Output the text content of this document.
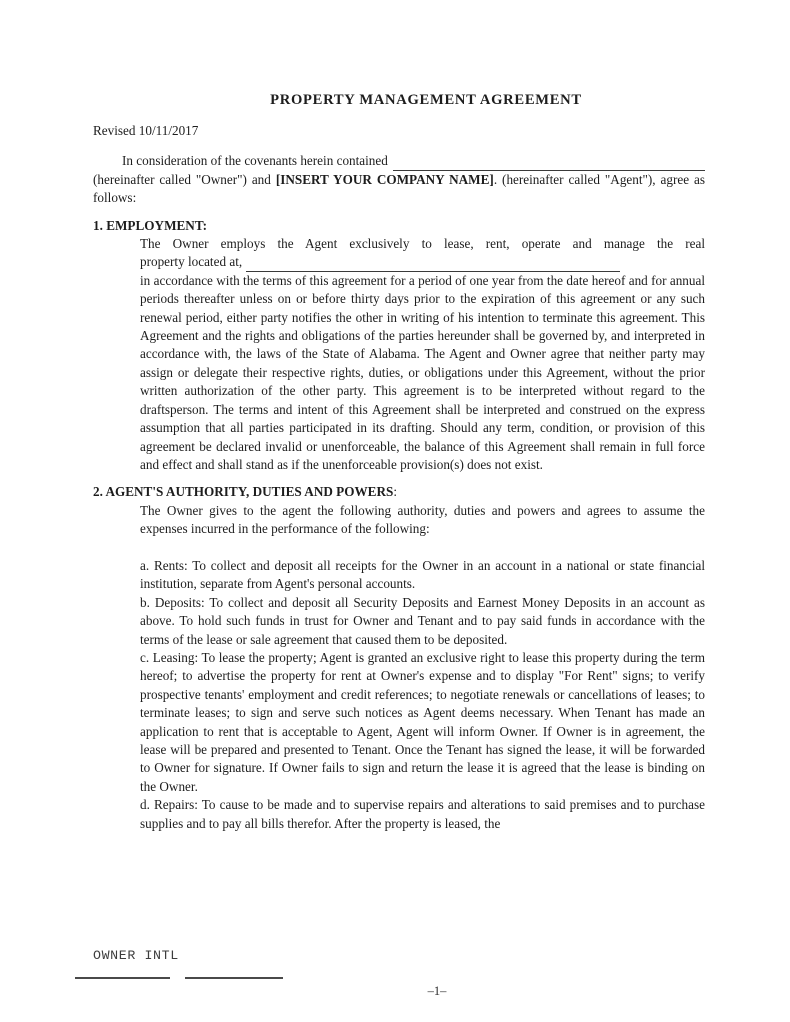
PROPERTY MANAGEMENT AGREEMENT
Revised 10/11/2017
In consideration of the covenants herein contained
(hereinafter called "Owner") and [INSERT YOUR COMPANY NAME]. (hereinafter called "Agent"), agree as follows:
1. EMPLOYMENT:
The Owner employs the Agent exclusively to lease, rent, operate and manage the real
property located at,

in accordance with the terms of this agreement for a period of one year from the date hereof and for annual periods thereafter unless on or before thirty days prior to the expiration of this agreement or any such renewal period, either party notifies the other in writing of his intention to terminate this agreement. This Agreement and the rights and obligations of the parties hereunder shall be governed by, and interpreted in accordance with, the laws of the State of Alabama. The Agent and Owner agree that neither party may assign or delegate their respective rights, duties, or obligations under this Agreement, without the prior written authorization of the other party. This agreement is to be interpreted without regard to the draftsperson. The terms and intent of this Agreement shall be interpreted and construed on the express assumption that all parties participated in its drafting. Should any term, condition, or provision of this agreement be declared invalid or unenforceable, the balance of this Agreement shall remain in full force and effect and shall stand as if the unenforceable provision(s) does not exist.

2. AGENT'S AUTHORITY, DUTIES AND POWERS:

The Owner gives to the agent the following authority, duties and powers and agrees to assume the expenses incurred in the performance of the following:

a. Rents: To collect and deposit all receipts for the Owner in an account in a national or state financial institution, separate from Agent's personal accounts.

b. Deposits: To collect and deposit all Security Deposits and Earnest Money Deposits in an account as above. To hold such funds in trust for Owner and Tenant and to pay said funds in accordance with the terms of the lease or sale agreement that caused them to be deposited.

c. Leasing: To lease the property; Agent is granted an exclusive right to lease this property during the term hereof; to advertise the property for rent at Owner's expense and to display "For Rent" signs; to verify prospective tenants' employment and credit references; to negotiate renewals or cancellations of leases; to terminate leases; to sign and serve such notices as Agent deems necessary. When Tenant has made an application to rent that is acceptable to Agent, Agent will inform Owner. If Owner is in agreement, the lease will be prepared and presented to Tenant. Once the Tenant has signed the lease, it will be forwarded to Owner for signature. If Owner fails to sign and return the lease it is agreed that the lease is binding on the Owner.

d. Repairs: To cause to be made and to supervise repairs and alterations to said premises and to purchase supplies and to pay all bills therefor. After the property is leased, the

OWNER INTL
–1–
